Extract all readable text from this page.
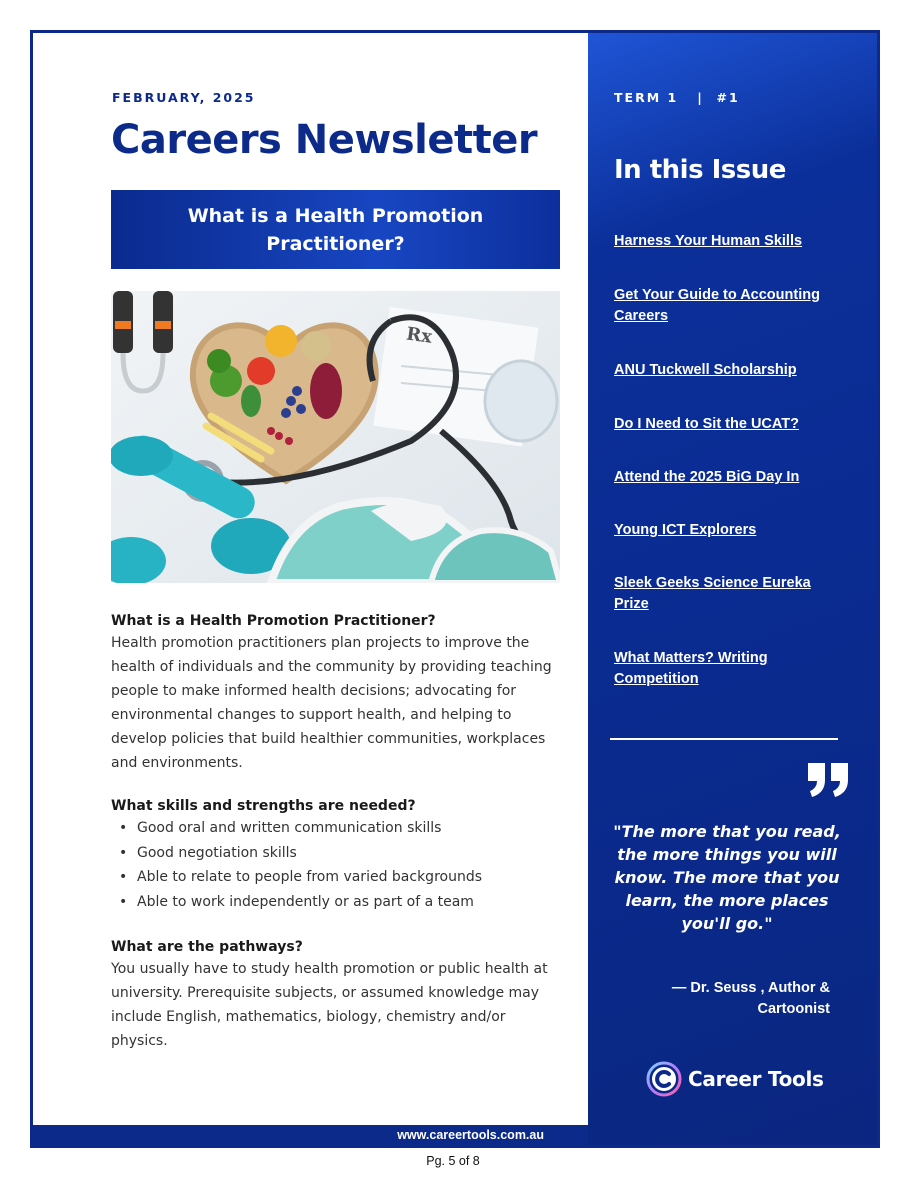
FEBRUARY, 2025
Careers Newsletter
What is a Health Promotion Practitioner?
Rx
What is a Health Promotion Practitioner?

Health promotion practitioners plan projects to improve the health of individuals and the community by providing teaching people to make informed health decisions; advocating for environmental changes to support health, and helping to develop policies that build healthier communities, workplaces and environments.

What skills and strengths are needed?
• Good oral and written communication skills
• Good negotiation skills
• Able to relate to people from varied backgrounds
• Able to work independently or as part of a team
What are the pathways?

You usually have to study health promotion or public health at university. Prerequisite subjects, or assumed knowledge may include English, mathematics, biology, chemistry and/or physics.

www.careertools.com.au
TERM 1   |  #1
In this Issue
Harness Your Human Skills
Get Your Guide to Accounting Careers
ANU Tuckwell Scholarship
Do I Need to Sit the UCAT?
Attend the 2025 BiG Day In
Young ICT Explorers
Sleek Geeks Science Eureka Prize
What Matters? Writing Competition
"The more that you read, the more things you will know. The more that you learn, the more places you'll go."
— Dr. Seuss , Author & Cartoonist
Career Tools
Pg. 5 of 8
